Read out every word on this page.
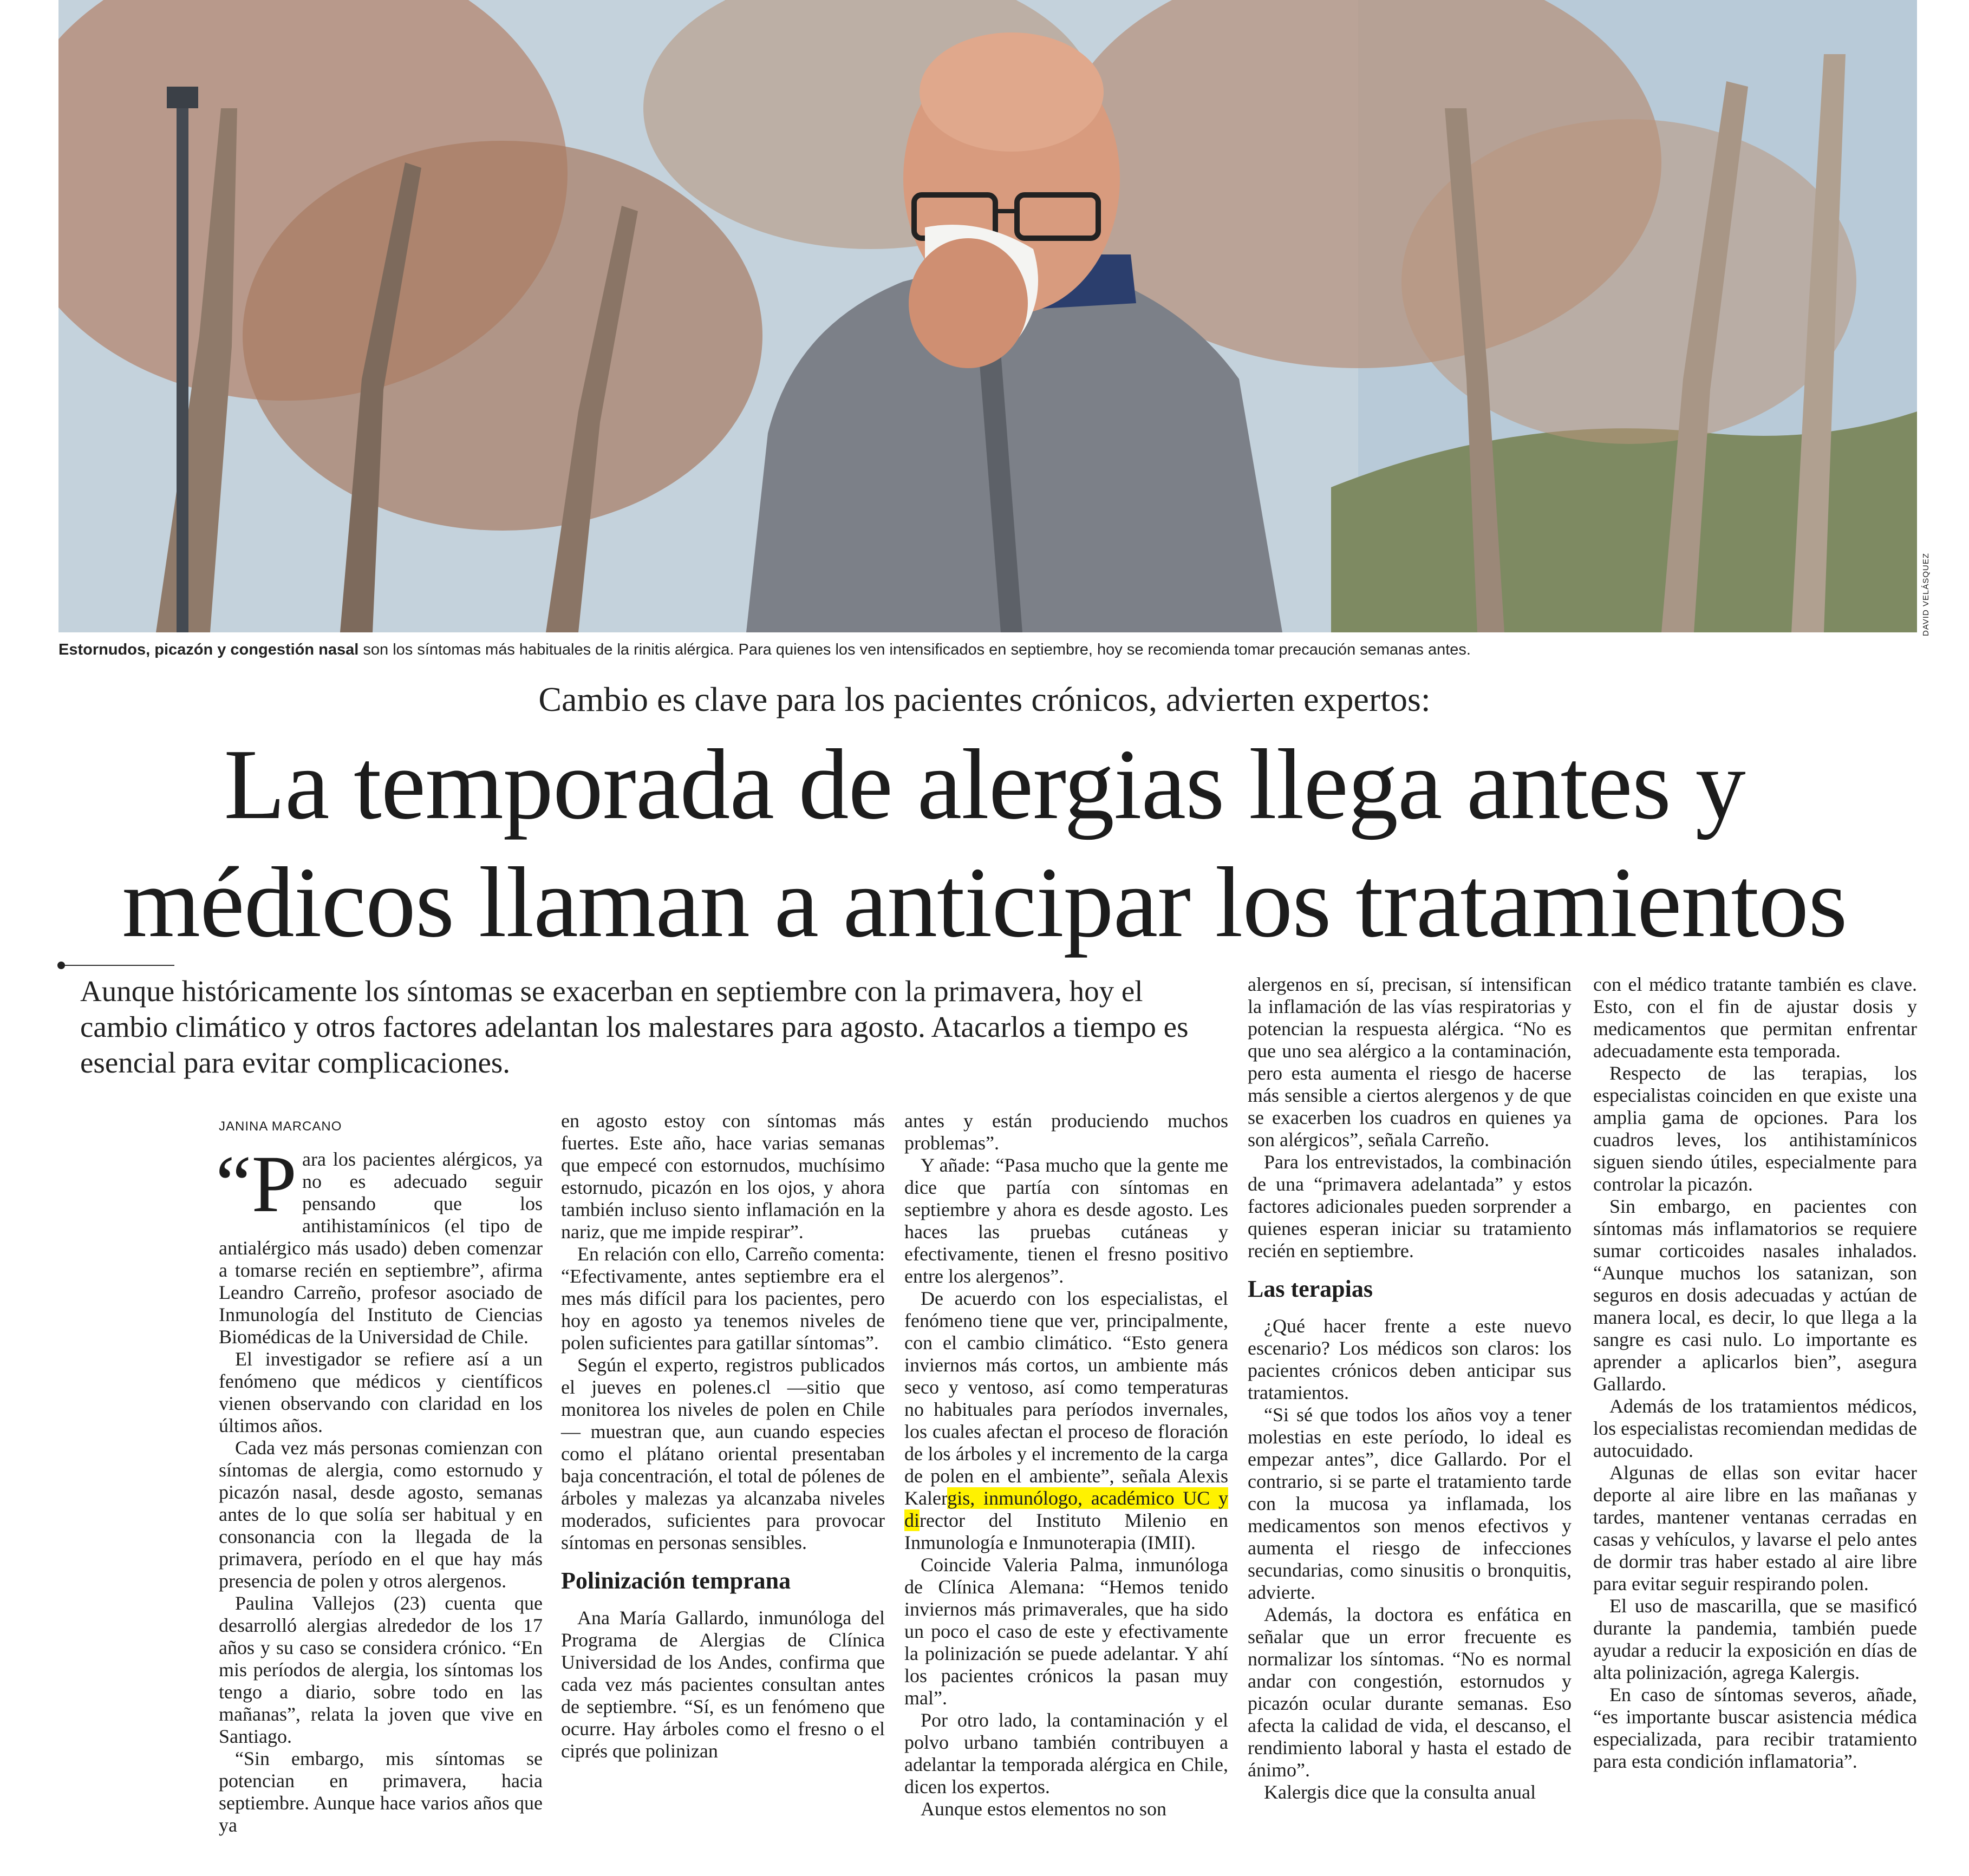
DAVID VELÁSQUEZ
Estornudos, picazón y congestión nasal son los síntomas más habituales de la rinitis alérgica. Para quienes los ven intensificados en septiembre, hoy se recomienda tomar precaución semanas antes.
Cambio es clave para los pacientes crónicos, advierten expertos:
La temporada de alergias llega antes y médicos llaman a anticipar los tratamientos
Aunque históricamente los síntomas se exacerban en septiembre con la primavera, hoy el cambio climático y otros factores adelantan los malestares para agosto. Atacarlos a tiempo es esencial para evitar complicaciones.
JANINA MARCANO

“P ara los pacientes alérgicos, ya no es adecuado seguir pensando que los antihistamínicos (el tipo de antialérgico más usado) deben comenzar a tomarse recién en septiembre”, afirma Leandro Carreño, profesor asociado de Inmunología del Instituto de Ciencias Biomédicas de la Universidad de Chile.

El investigador se refiere así a un fenómeno que médicos y científicos vienen observando con claridad en los últimos años.

Cada vez más personas comienzan con síntomas de alergia, como estornudo y picazón nasal, desde agosto, semanas antes de lo que solía ser habitual y en consonancia con la llegada de la primavera, período en el que hay más presencia de polen y otros alergenos.

Paulina Vallejos (23) cuenta que desarrolló alergias alrededor de los 17 años y su caso se considera crónico. “En mis períodos de alergia, los síntomas los tengo a diario, sobre todo en las mañanas”, relata la joven que vive en Santiago.

“Sin embargo, mis síntomas se potencian en primavera, hacia septiembre. Aunque hace varios años que ya

en agosto estoy con síntomas más fuertes. Este año, hace varias semanas que empecé con estornudos, muchísimo estornudo, picazón en los ojos, y ahora también incluso siento inflamación en la nariz, que me impide respirar”.

En relación con ello, Carreño comenta: “Efectivamente, antes septiembre era el mes más difícil para los pacientes, pero hoy en agosto ya tenemos niveles de polen suficientes para gatillar síntomas”.

Según el experto, registros publicados el jueves en polenes.cl —sitio que monitorea los niveles de polen en Chile— muestran que, aun cuando especies como el plátano oriental presentaban baja concentración, el total de pólenes de árboles y malezas ya alcanzaba niveles moderados, suficientes para provocar síntomas en personas sensibles.

Polinización temprana

Ana María Gallardo, inmunóloga del Programa de Alergias de Clínica Universidad de los Andes, confirma que cada vez más pacientes consultan antes de septiembre. “Sí, es un fenómeno que ocurre. Hay árboles como el fresno o el ciprés que polinizan

antes y están produciendo muchos problemas”.

Y añade: “Pasa mucho que la gente me dice que partía con síntomas en septiembre y ahora es desde agosto. Les haces las pruebas cutáneas y efectivamente, tienen el fresno positivo entre los alergenos”.

De acuerdo con los especialistas, el fenómeno tiene que ver, principalmente, con el cambio climático. “Esto genera inviernos más cortos, un ambiente más seco y ventoso, así como temperaturas no habituales para períodos invernales, los cuales afectan el proceso de floración de los árboles y el incremento de la carga de polen en el ambiente”, señala Alexis Kalergis, inmunólogo, académico UC y director del Instituto Milenio en Inmunología e Inmunoterapia (IMII).

Coincide Valeria Palma, inmunóloga de Clínica Alemana: “Hemos tenido inviernos más primaverales, que ha sido un poco el caso de este y efectivamente la polinización se puede adelantar. Y ahí los pacientes crónicos la pasan muy mal”.

Por otro lado, la contaminación y el polvo urbano también contribuyen a adelantar la temporada alérgica en Chile, dicen los expertos.

Aunque estos elementos no son

alergenos en sí, precisan, sí intensifican la inflamación de las vías respiratorias y potencian la respuesta alérgica. “No es que uno sea alérgico a la contaminación, pero esta aumenta el riesgo de hacerse más sensible a ciertos alergenos y de que se exacerben los cuadros en quienes ya son alérgicos”, señala Carreño.

Para los entrevistados, la combinación de una “primavera adelantada” y estos factores adicionales pueden sorprender a quienes esperan iniciar su tratamiento recién en septiembre.

Las terapias

¿Qué hacer frente a este nuevo escenario? Los médicos son claros: los pacientes crónicos deben anticipar sus tratamientos.

“Si sé que todos los años voy a tener molestias en este período, lo ideal es empezar antes”, dice Gallardo. Por el contrario, si se parte el tratamiento tarde con la mucosa ya inflamada, los medicamentos son menos efectivos y aumenta el riesgo de infecciones secundarias, como sinusitis o bronquitis, advierte.

Además, la doctora es enfática en señalar que un error frecuente es normalizar los síntomas. “No es normal andar con congestión, estornudos y picazón ocular durante semanas. Eso afecta la calidad de vida, el descanso, el rendimiento laboral y hasta el estado de ánimo”.

Kalergis dice que la consulta anual

con el médico tratante también es clave. Esto, con el fin de ajustar dosis y medicamentos que permitan enfrentar adecuadamente esta temporada.

Respecto de las terapias, los especialistas coinciden en que existe una amplia gama de opciones. Para los cuadros leves, los antihistamínicos siguen siendo útiles, especialmente para controlar la picazón.

Sin embargo, en pacientes con síntomas más inflamatorios se requiere sumar corticoides nasales inhalados. “Aunque muchos los satanizan, son seguros en dosis adecuadas y actúan de manera local, es decir, lo que llega a la sangre es casi nulo. Lo importante es aprender a aplicarlos bien”, asegura Gallardo.

Además de los tratamientos médicos, los especialistas recomiendan medidas de autocuidado.

Algunas de ellas son evitar hacer deporte al aire libre en las mañanas y tardes, mantener ventanas cerradas en casas y vehículos, y lavarse el pelo antes de dormir tras haber estado al aire libre para evitar seguir respirando polen.

El uso de mascarilla, que se masificó durante la pandemia, también puede ayudar a reducir la exposición en días de alta polinización, agrega Kalergis.

En caso de síntomas severos, añade, “es importante buscar asistencia médica especializada, para recibir tratamiento para esta condición inflamatoria”.
